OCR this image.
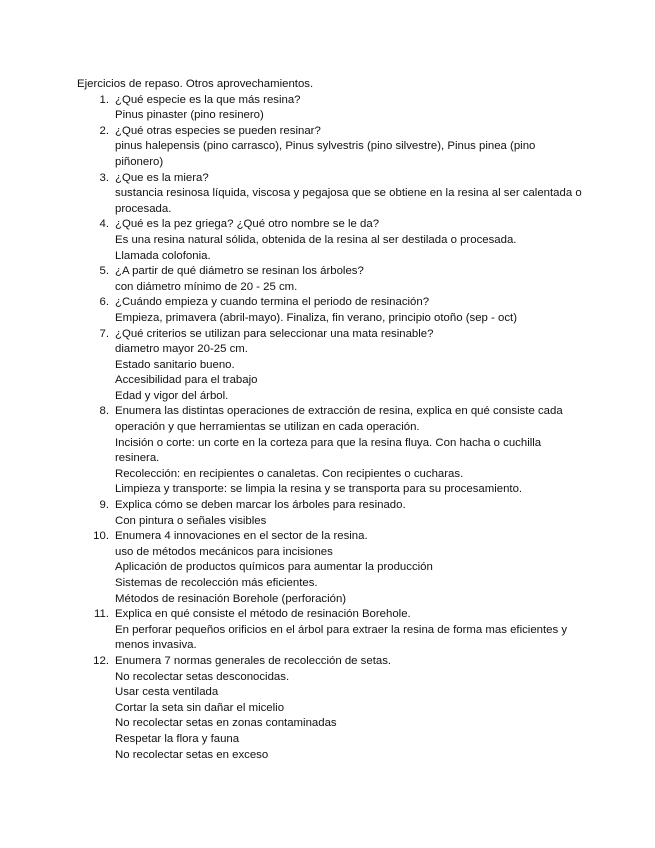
Ejercicios de repaso. Otros aprovechamientos.

1. ¿Qué especie es la que más resina?
Pinus pinaster (pino resinero)
2. ¿Qué otras especies se pueden resinar?
pinus halepensis (pino carrasco), Pinus sylvestris (pino silvestre), Pinus pinea (pino piñonero)
3. ¿Que es la miera?
sustancia resinosa líquida, viscosa y pegajosa que se obtiene en la resina al ser calentada o procesada.
4. ¿Qué es la pez griega? ¿Qué otro nombre se le da?
Es una resina natural sólida, obtenida de la resina al ser destilada o procesada.
Llamada colofonia.
5. ¿A partir de qué diámetro se resinan los árboles?
con diámetro mínimo de 20 - 25 cm.
6. ¿Cuándo empieza y cuando termina el periodo de resinación?
Empieza, primavera (abril-mayo). Finaliza, fin verano, principio otoño (sep - oct)
7. ¿Qué criterios se utilizan para seleccionar una mata resinable?
diametro mayor 20-25 cm.
Estado sanitario bueno.
Accesibilidad para el trabajo
Edad y vigor del árbol.
8. Enumera las distintas operaciones de extracción de resina, explica en qué consiste cada operación y que herramientas se utilizan en cada operación.
Incisión o corte: un corte en la corteza para que la resina fluya. Con hacha o cuchilla resinera.
Recolección: en recipientes o canaletas. Con recipientes o cucharas.
Limpieza y transporte: se limpia la resina y se transporta para su procesamiento.
9. Explica cómo se deben marcar los árboles para resinado.
Con pintura o señales visibles
10. Enumera 4 innovaciones en el sector de la resina.
uso de métodos mecánicos para incisiones
Aplicación de productos químicos para aumentar la producción
Sistemas de recolección más eficientes.
Métodos de resinación Borehole (perforación)
11. Explica en qué consiste el método de resinación Borehole.
En perforar pequeños orificios en el árbol para extraer la resina de forma mas eficientes y menos invasiva.
12. Enumera 7 normas generales de recolección de setas.
No recolectar setas desconocidas.
Usar cesta ventilada
Cortar la seta sin dañar el micelio
No recolectar setas en zonas contaminadas
Respetar la flora y fauna
No recolectar setas en exceso
